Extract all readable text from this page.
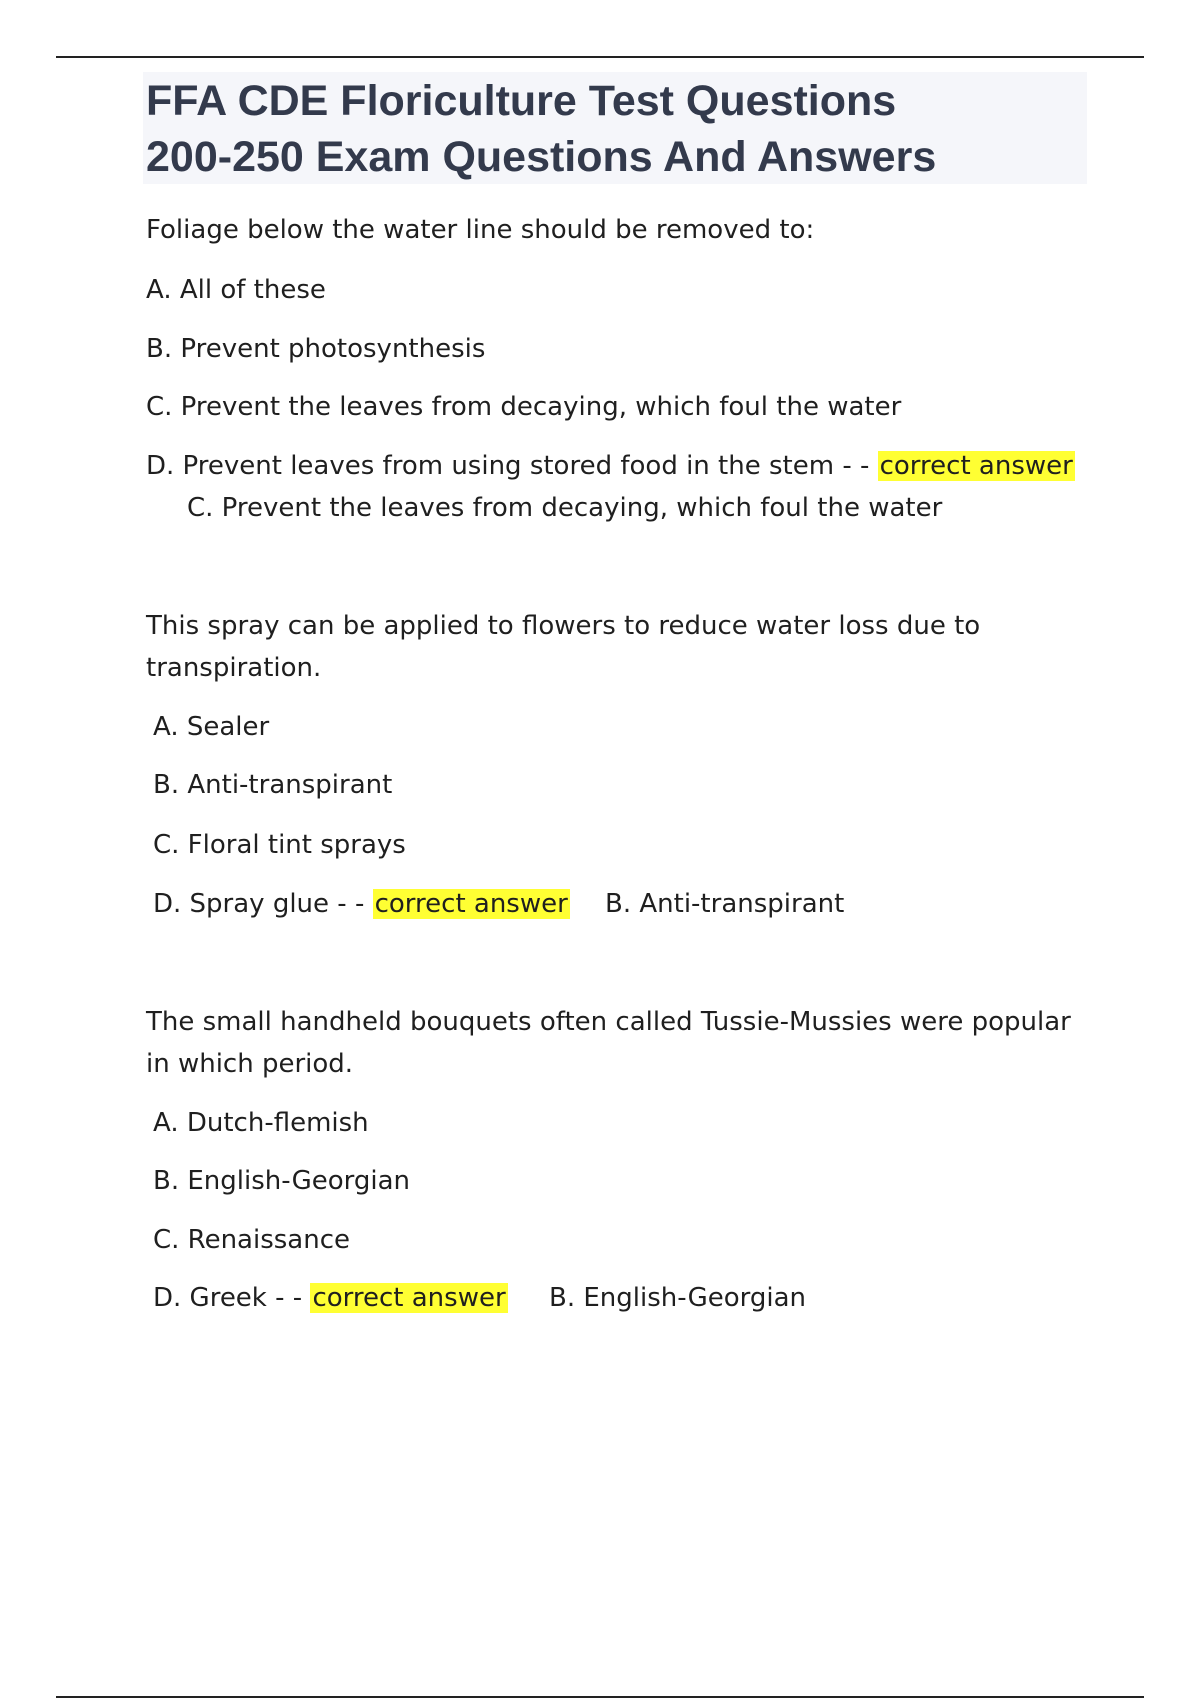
FFA CDE Floriculture Test Questions
200-250 Exam Questions And Answers

Foliage below the water line should be removed to:

A. All of these

B. Prevent photosynthesis

C. Prevent the leaves from decaying, which foul the water

D. Prevent leaves from using stored food in the stem - - correct answer

C. Prevent the leaves from decaying, which foul the water

This spray can be applied to flowers to reduce water loss due to

transpiration.

A. Sealer

B. Anti-transpirant

C. Floral tint sprays

D. Spray glue - - correct answer B. Anti-transpirant

The small handheld bouquets often called Tussie-Mussies were popular

in which period.

A. Dutch-flemish

B. English-Georgian

C. Renaissance

D. Greek - - correct answer B. English-Georgian
